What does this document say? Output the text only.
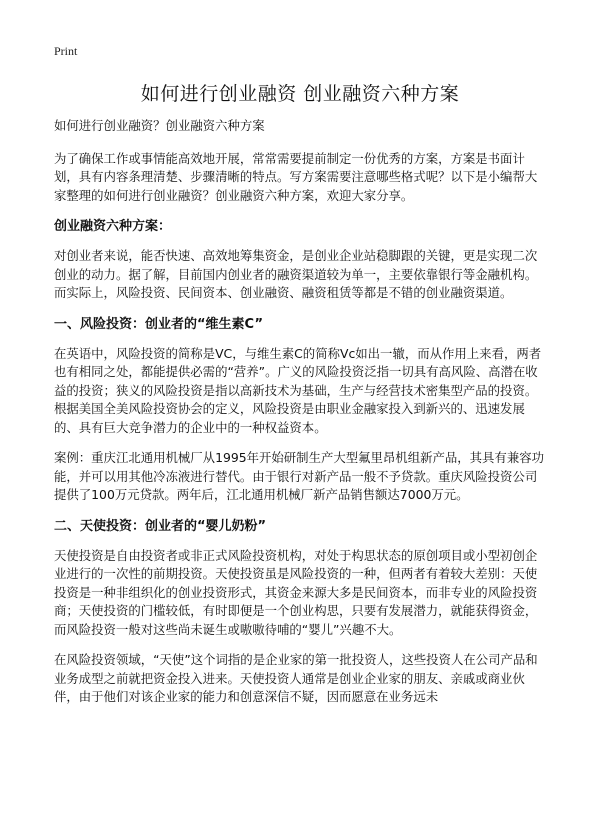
Print
如何进行创业融资 创业融资六种方案

如何进行创业融资？创业融资六种方案

为了确保工作或事情能高效地开展，常常需要提前制定一份优秀的方案，方案是书面计划，具有内容条理清楚、步骤清晰的特点。写方案需要注意哪些格式呢？以下是小编帮大家整理的如何进行创业融资？创业融资六种方案，欢迎大家分享。

创业融资六种方案：

对创业者来说，能否快速、高效地筹集资金，是创业企业站稳脚跟的关键，更是实现二次创业的动力。据了解，目前国内创业者的融资渠道较为单一，主要依靠银行等金融机构。而实际上，风险投资、民间资本、创业融资、融资租赁等都是不错的创业融资渠道。

一、风险投资：创业者的“维生素C”

在英语中，风险投资的简称是VC，与维生素C的简称Vc如出一辙，而从作用上来看，两者也有相同之处，都能提供必需的“营养”。广义的风险投资泛指一切具有高风险、高潜在收益的投资；狭义的风险投资是指以高新技术为基础，生产与经营技术密集型产品的投资。根据美国全美风险投资协会的定义，风险投资是由职业金融家投入到新兴的、迅速发展的、具有巨大竞争潜力的企业中的一种权益资本。

案例：重庆江北通用机械厂从1995年开始研制生产大型氟里昂机组新产品，其具有兼容功能，并可以用其他冷冻液进行替代。由于银行对新产品一般不予贷款。重庆风险投资公司提供了100万元贷款。两年后，江北通用机械厂新产品销售额达7000万元。

二、天使投资：创业者的“婴儿奶粉”

天使投资是自由投资者或非正式风险投资机构，对处于构思状态的原创项目或小型初创企业进行的一次性的前期投资。天使投资虽是风险投资的一种，但两者有着较大差别：天使投资是一种非组织化的创业投资形式，其资金来源大多是民间资本，而非专业的风险投资商；天使投资的门槛较低，有时即便是一个创业构思，只要有发展潜力，就能获得资金，而风险投资一般对这些尚未诞生或嗷嗷待哺的“婴儿”兴趣不大。

在风险投资领域，“天使”这个词指的是企业家的第一批投资人，这些投资人在公司产品和业务成型之前就把资金投入进来。天使投资人通常是创业企业家的朋友、亲戚或商业伙伴，由于他们对该企业家的能力和创意深信不疑，因而愿意在业务远未
